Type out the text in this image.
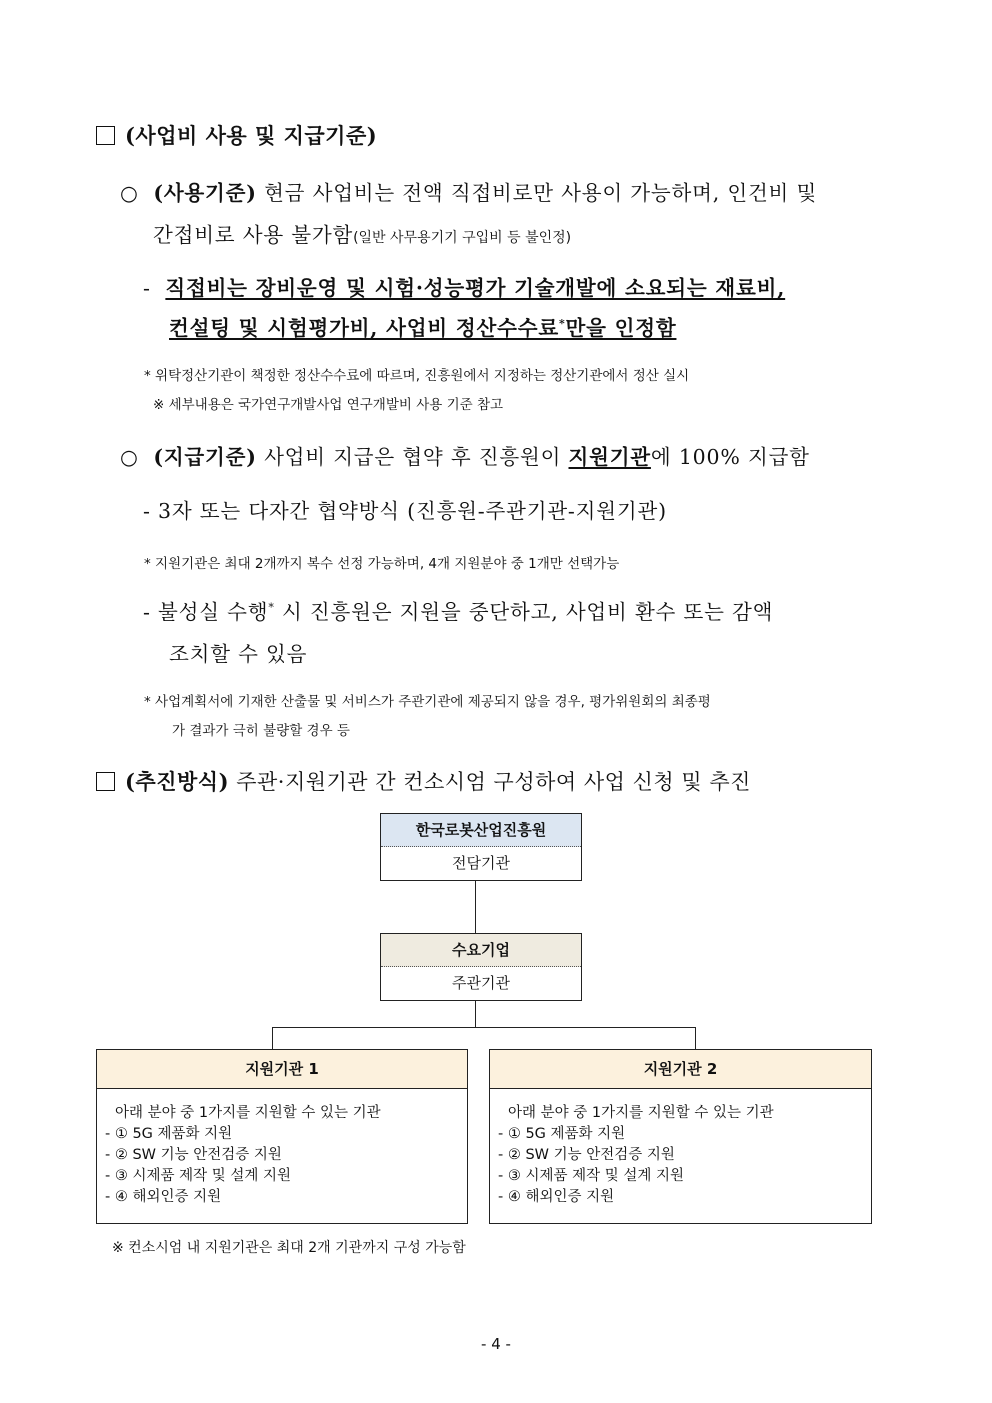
(사업비 사용 및 지급기준)
○ (사용기준) 현금 사업비는 전액 직접비로만 사용이 가능하며, 인건비 및
간접비로 사용 불가함(일반 사무용기기 구입비 등 불인정)
-  직접비는 장비운영 및 시험·성능평가 기술개발에 소요되는 재료비,
컨설팅 및 시험평가비, 사업비 정산수수료*만을 인정함
* 위탁정산기관이 책정한 정산수수료에 따르며, 진흥원에서 지정하는 정산기관에서 정산 실시
※ 세부내용은 국가연구개발사업 연구개발비 사용 기준 참고
○ (지급기준) 사업비 지급은 협약 후 진흥원이 지원기관에 100% 지급함
- 3자 또는 다자간 협약방식 (진흥원-주관기관-지원기관)
* 지원기관은 최대 2개까지 복수 선정 가능하며, 4개 지원분야 중 1개만 선택가능
- 불성실 수행* 시 진흥원은 지원을 중단하고, 사업비 환수 또는 감액
조치할 수 있음
* 사업계획서에 기재한 산출물 및 서비스가 주관기관에 제공되지 않을 경우, 평가위원회의 최종평
가 결과가 극히 불량할 경우 등
(추진방식) 주관·지원기관 간 컨소시엄 구성하여 사업 신청 및 추진
한국로봇산업진흥원
전담기관
수요기업
주관기관
지원기관 1
아래 분야 중 1가지를 지원할 수 있는 기관
- ① 5G 제품화 지원
- ② SW 기능 안전검증 지원
- ③ 시제품 제작 및 설계 지원
- ④ 해외인증 지원
지원기관 2
아래 분야 중 1가지를 지원할 수 있는 기관
- ① 5G 제품화 지원
- ② SW 기능 안전검증 지원
- ③ 시제품 제작 및 설계 지원
- ④ 해외인증 지원
※ 컨소시엄 내 지원기관은 최대 2개 기관까지 구성 가능함
- 4 -
